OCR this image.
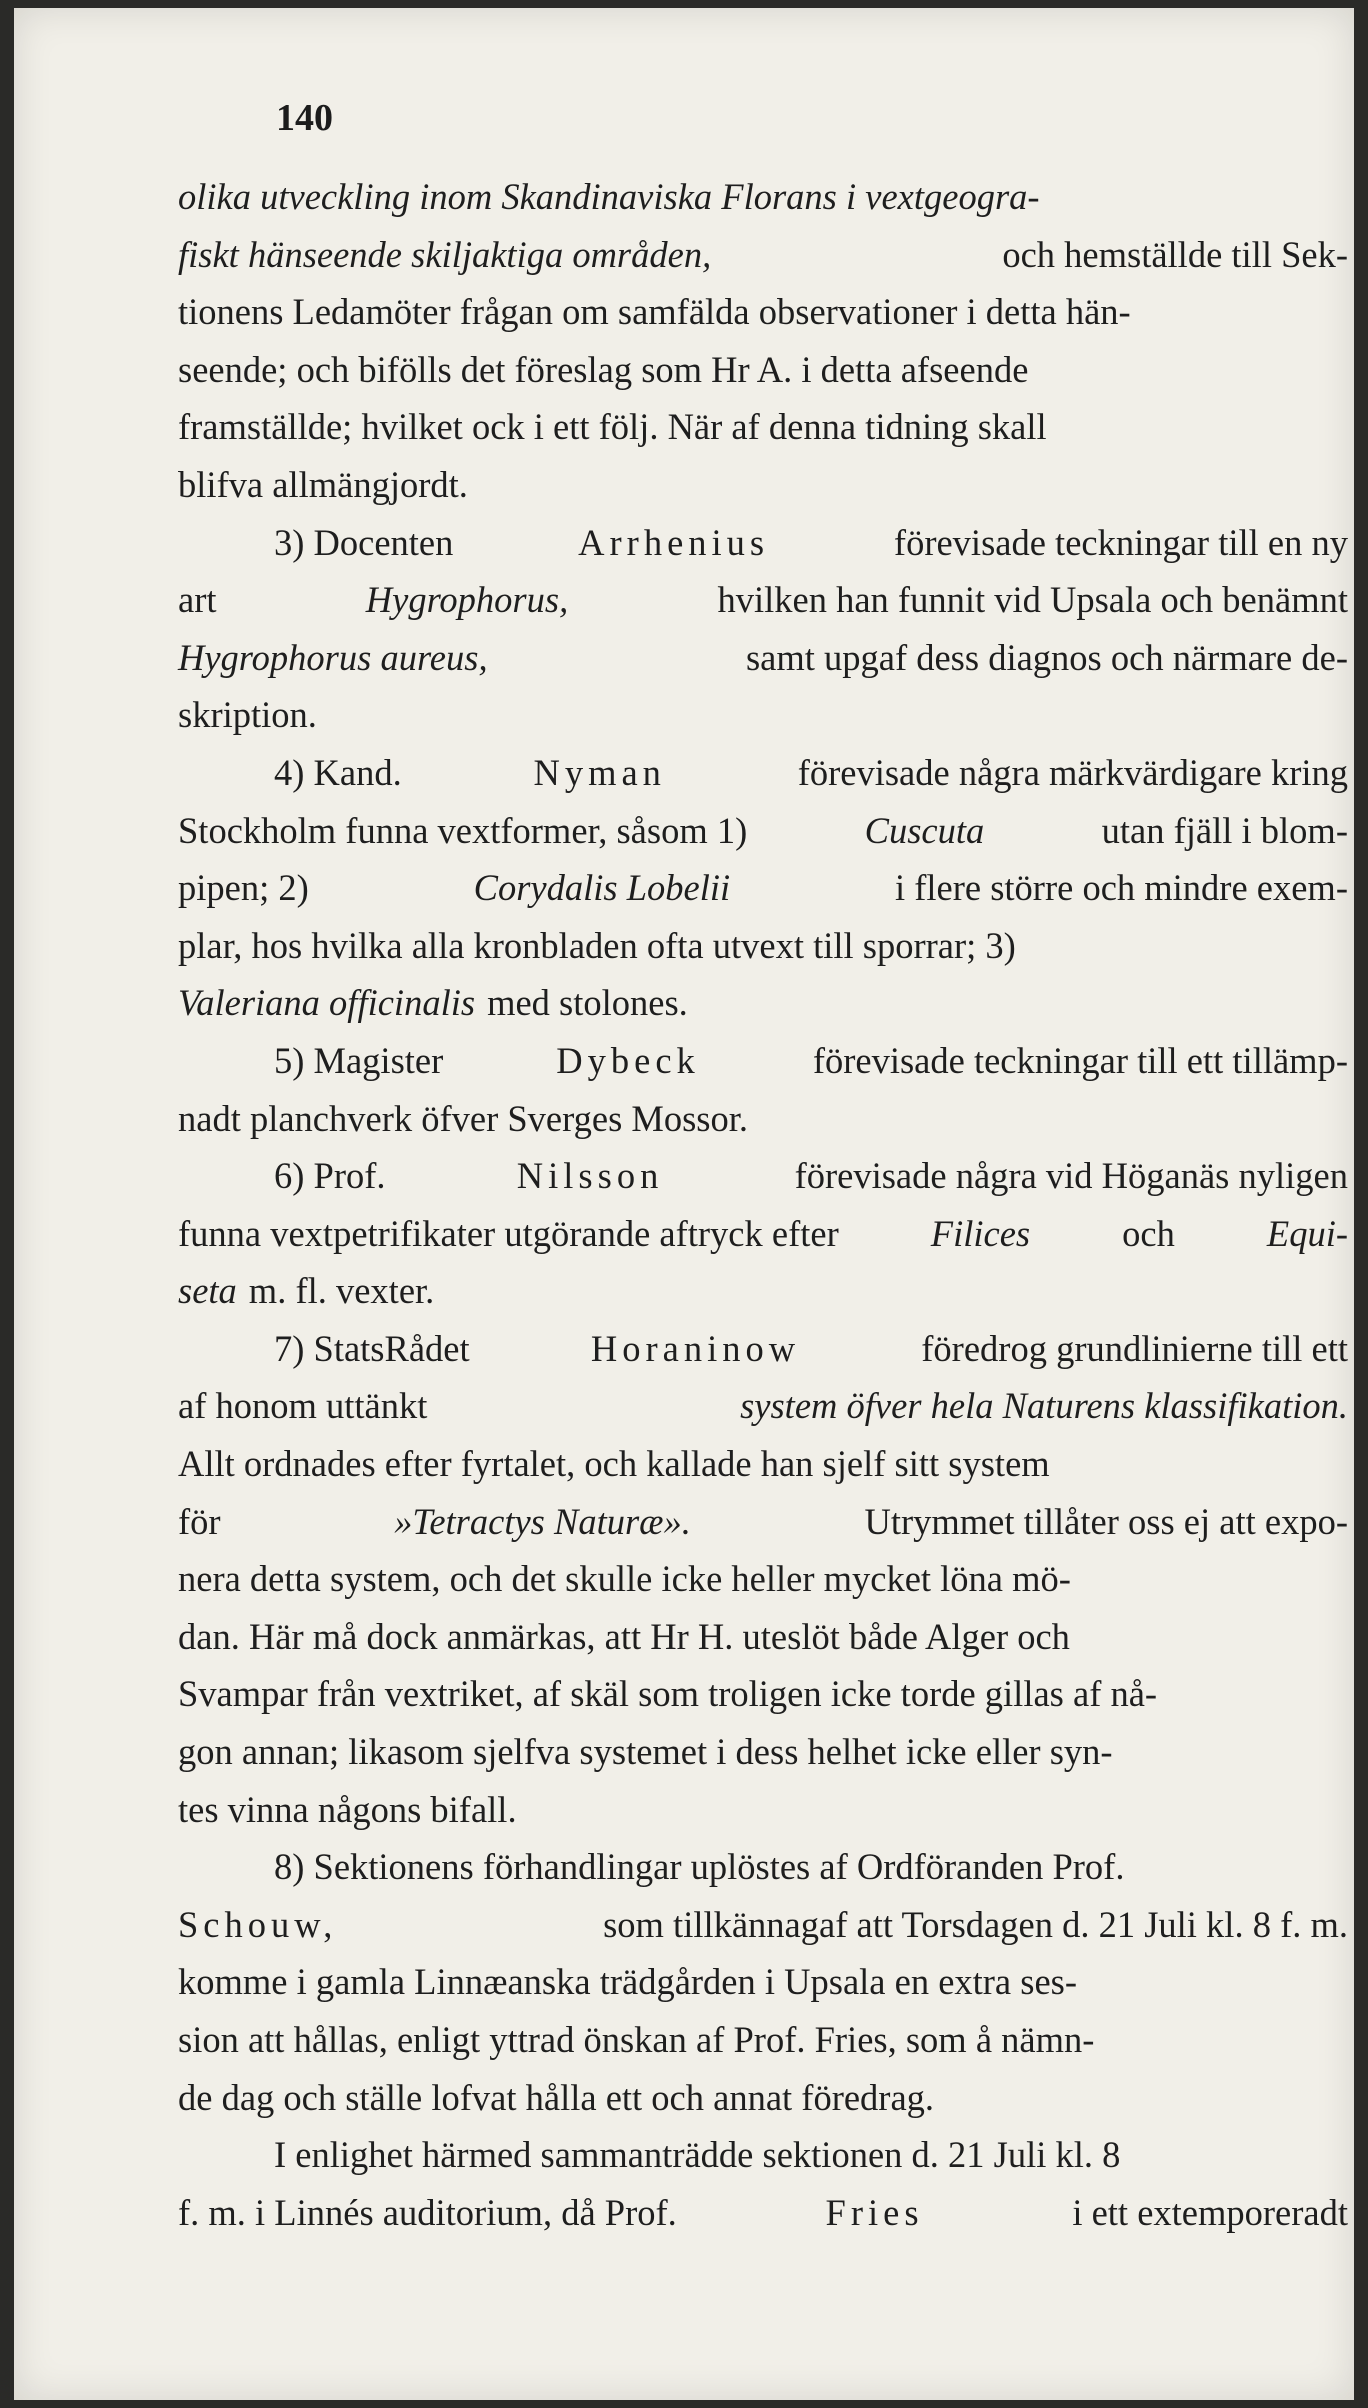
140
olika utveckling inom Skandinaviska Florans i vextgeogra-
fiskt hänseende skiljaktiga områden,	och hemställde till Sek-
tionens Ledamöter frågan om samfälda observationer i detta hän-
seende; och bifölls det föreslag som Hr A. i detta afseende
framställde; hvilket ock i ett följ. När af denna tidning skall
blifva allmängjordt.
3) Docenten	Arrhenius	förevisade teckningar till en ny
art	Hygrophorus,	hvilken han funnit vid Upsala och benämnt
Hygrophorus aureus,	samt upgaf dess diagnos och närmare de-
skription.
4) Kand.	Nyman	förevisade några märkvärdigare kring
Stockholm funna vextformer, såsom 1)	Cuscuta	utan fjäll i blom-
pipen; 2)	Corydalis Lobelii	i flere större och mindre exem-
plar, hos hvilka alla kronbladen ofta utvext till sporrar; 3)
Valeriana officinalis med stolones.
5) Magister	Dybeck	förevisade teckningar till ett tillämp-
nadt planchverk öfver Sverges Mossor.
6) Prof.	Nilsson	förevisade några vid Höganäs nyligen
funna vextpetrifikater utgörande aftryck efter	Filices	och	Equi-
seta m. fl. vexter.
7) StatsRådet	Horaninow	föredrog grundlinierne till ett
af honom uttänkt	system öfver hela Naturens klassifikation.
Allt ordnades efter fyrtalet, och kallade han sjelf sitt system
för	»Tetractys Naturæ».	Utrymmet tillåter oss ej att expo-
nera detta system, och det skulle icke heller mycket löna mö-
dan. Här må dock anmärkas, att Hr H. uteslöt både Alger och
Svampar från vextriket, af skäl som troligen icke torde gillas af nå-
gon annan; likasom sjelfva systemet i dess helhet icke eller syn-
tes vinna någons bifall.
8) Sektionens förhandlingar uplöstes af Ordföranden Prof.
Schouw,	som tillkännagaf att Torsdagen d. 21 Juli kl. 8 f. m.
komme i gamla Linnæanska trädgården i Upsala en extra ses-
sion att hållas, enligt yttrad önskan af Prof. Fries, som å nämn-
de dag och ställe lofvat hålla ett och annat föredrag.
I enlighet härmed sammanträdde sektionen d. 21 Juli kl. 8
f. m. i Linnés auditorium, då Prof.	Fries	i ett extemporeradt
